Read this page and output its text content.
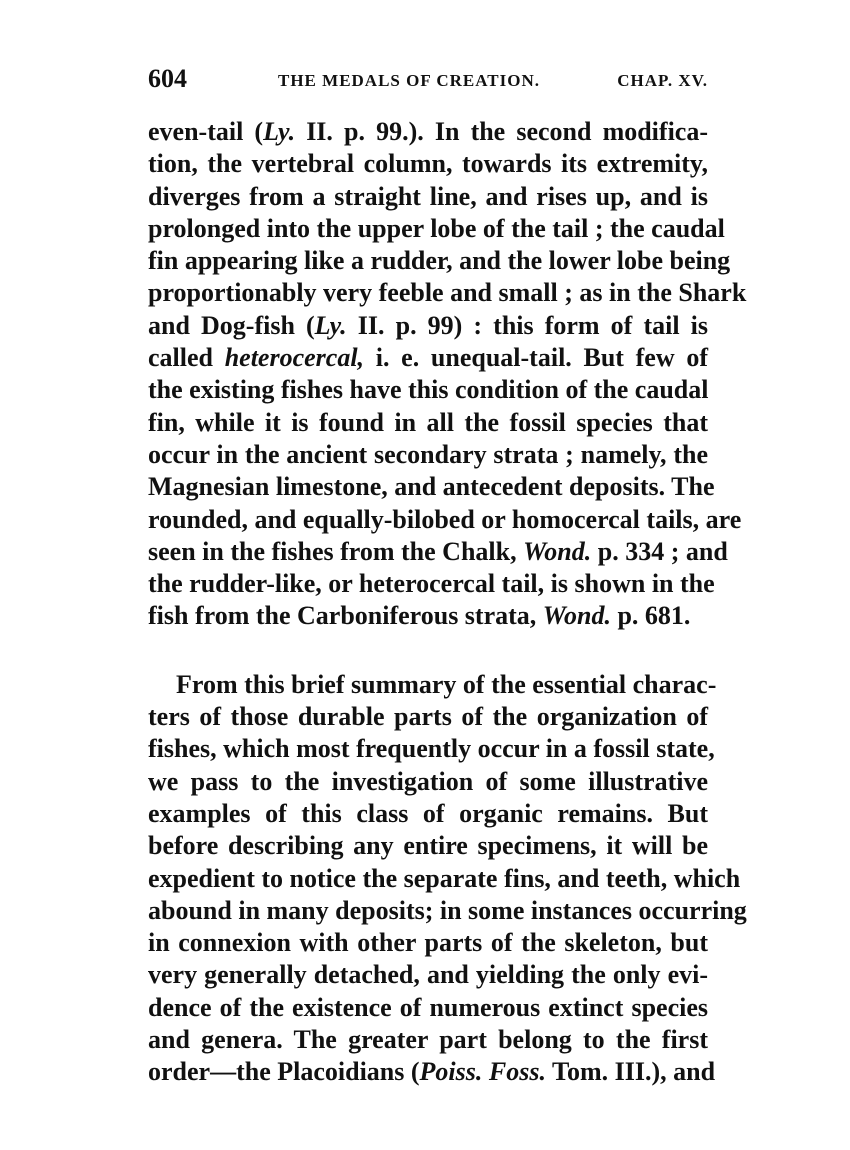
604	THE MEDALS OF CREATION.	CHAP. XV.
even-tail (Ly. II. p. 99.). In the second modifica-
tion, the vertebral column, towards its extremity,
diverges from a straight line, and rises up, and is
prolonged into the upper lobe of the tail ; the caudal
fin appearing like a rudder, and the lower lobe being
proportionably very feeble and small ; as in the Shark
and Dog-fish (Ly. II. p. 99) : this form of tail is
called heterocercal, i. e. unequal-tail. But few of
the existing fishes have this condition of the caudal
fin, while it is found in all the fossil species that
occur in the ancient secondary strata ; namely, the
Magnesian limestone, and antecedent deposits. The
rounded, and equally-bilobed or homocercal tails, are
seen in the fishes from the Chalk, Wond. p. 334 ; and
the rudder-like, or heterocercal tail, is shown in the
fish from the Carboniferous strata, Wond. p. 681.
From this brief summary of the essential charac-
ters of those durable parts of the organization of
fishes, which most frequently occur in a fossil state,
we pass to the investigation of some illustrative
examples of this class of organic remains. But
before describing any entire specimens, it will be
expedient to notice the separate fins, and teeth, which
abound in many deposits; in some instances occurring
in connexion with other parts of the skeleton, but
very generally detached, and yielding the only evi-
dence of the existence of numerous extinct species
and genera. The greater part belong to the first
order—the Placoidians (Poiss. Foss. Tom. III.), and
